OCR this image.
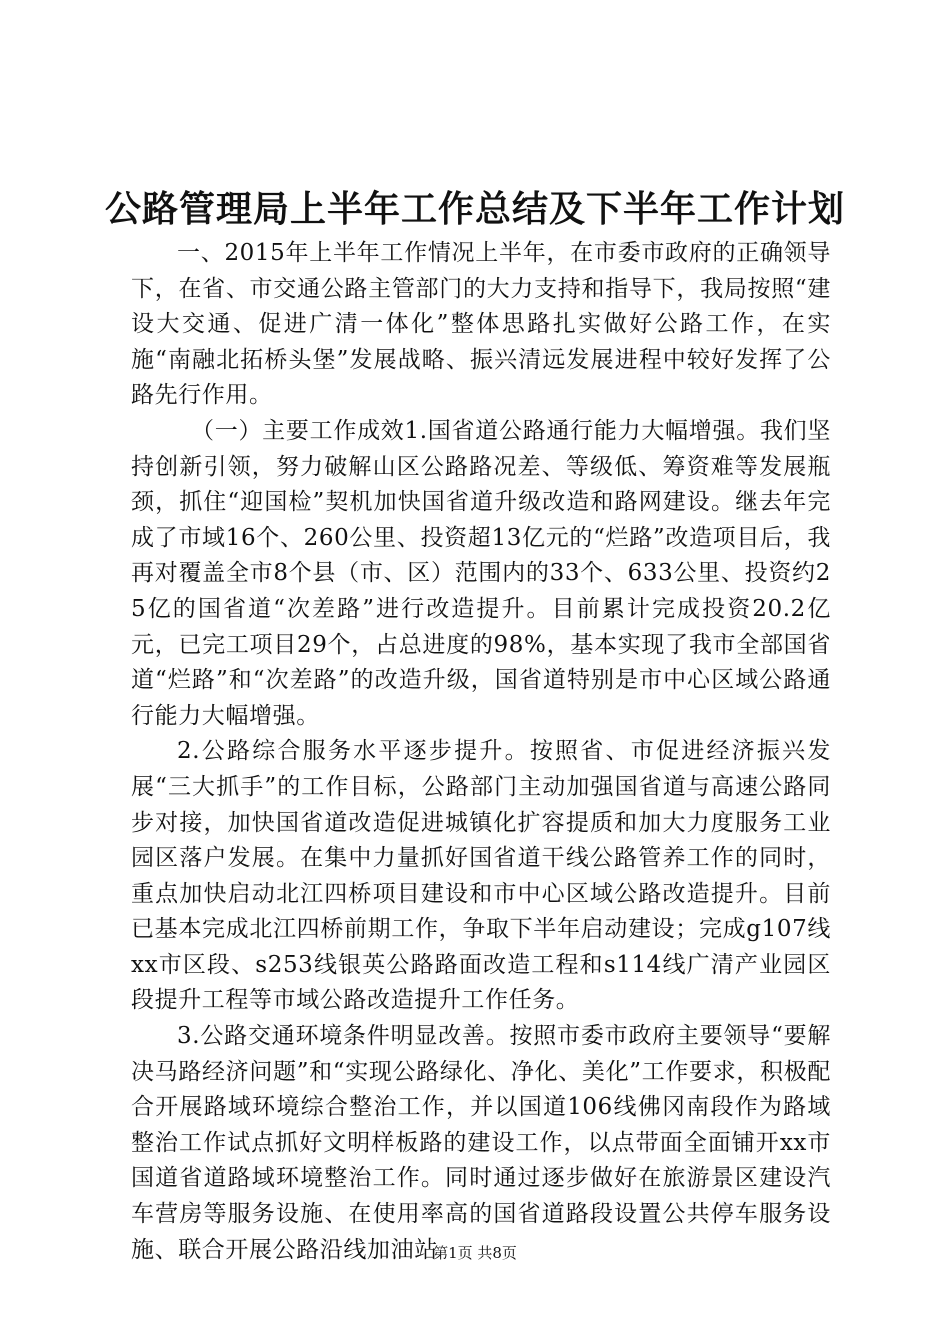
公路管理局上半年工作总结及下半年工作计划

一、2015年上半年工作情况上半年，在市委市政府的正确领导下，在省、市交通公路主管部门的大力支持和指导下，我局按照“建设大交通、促进广清一体化”整体思路扎实做好公路工作，在实施“南融北拓桥头堡”发展战略、振兴清远发展进程中较好发挥了公路先行作用。

（一）主要工作成效1.国省道公路通行能力大幅增强。我们坚持创新引领，努力破解山区公路路况差、等级低、筹资难等发展瓶颈，抓住“迎国检”契机加快国省道升级改造和路网建设。继去年完成了市域16个、260公里、投资超13亿元的“烂路”改造项目后，我再对覆盖全市8个县（市、区）范围内的33个、633公里、投资约25亿的国省道“次差路”进行改造提升。目前累计完成投资20.2亿元，已完工项目29个，占总进度的98%，基本实现了我市全部国省道“烂路”和“次差路”的改造升级，国省道特别是市中心区域公路通行能力大幅增强。

2.公路综合服务水平逐步提升。按照省、市促进经济振兴发展“三大抓手”的工作目标，公路部门主动加强国省道与高速公路同步对接，加快国省道改造促进城镇化扩容提质和加大力度服务工业园区落户发展。在集中力量抓好国省道干线公路管养工作的同时，重点加快启动北江四桥项目建设和市中心区域公路改造提升。目前已基本完成北江四桥前期工作，争取下半年启动建设；完成g107线xx市区段、s253线银英公路路面改造工程和s114线广清产业园区段提升工程等市域公路改造提升工作任务。

3.公路交通环境条件明显改善。按照市委市政府主要领导“要解决马路经济问题”和“实现公路绿化、净化、美化”工作要求，积极配合开展路域环境综合整治工作，并以国道106线佛冈南段作为路域整治工作试点抓好文明样板路的建设工作，以点带面全面铺开xx市国道省道路域环境整治工作。同时通过逐步做好在旅游景区建设汽车营房等服务设施、在使用率高的国省道路段设置公共停车服务设施、联合开展公路沿线加油站

第1页 共8页
